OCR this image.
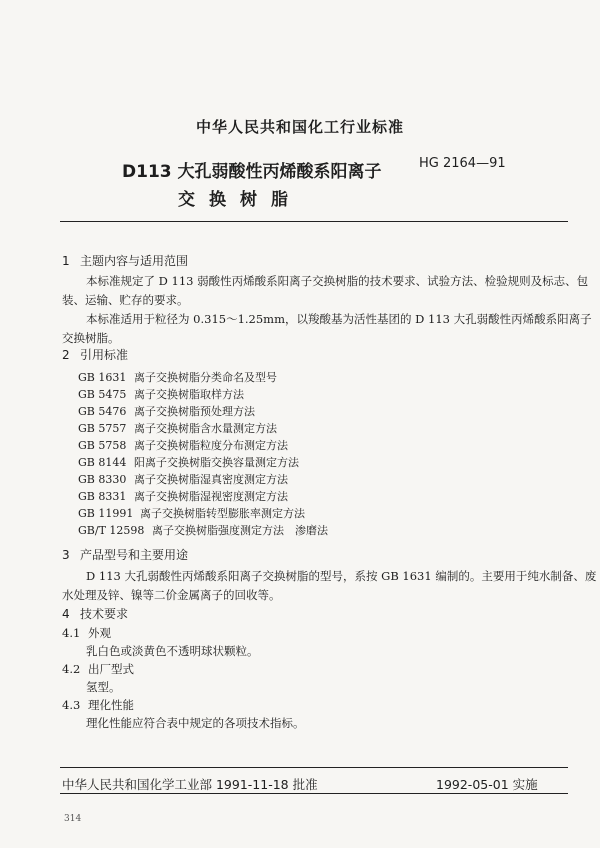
中华人民共和国化工行业标准
D113 大孔弱酸性丙烯酸系阳离子
交换树脂
HG 2164—91
1 主题内容与适用范围
本标准规定了 D 113 弱酸性丙烯酸系阳离子交换树脂的技术要求、试验方法、检验规则及标志、包
装、运输、贮存的要求。
本标准适用于粒径为 0.315～1.25mm，以羧酸基为活性基团的 D 113 大孔弱酸性丙烯酸系阳离子
交换树脂。
2 引用标准
GB 1631 离子交换树脂分类命名及型号
GB 5475 离子交换树脂取样方法
GB 5476 离子交换树脂预处理方法
GB 5757 离子交换树脂含水量测定方法
GB 5758 离子交换树脂粒度分布测定方法
GB 8144 阳离子交换树脂交换容量测定方法
GB 8330 离子交换树脂湿真密度测定方法
GB 8331 离子交换树脂湿视密度测定方法
GB 11991 离子交换树脂转型膨胀率测定方法
GB/T 12598 离子交换树脂强度测定方法　渗磨法
3 产品型号和主要用途
D 113 大孔弱酸性丙烯酸系阳离子交换树脂的型号，系按 GB 1631 编制的。主要用于纯水制备、废
水处理及锌、镍等二价金属离子的回收等。
4 技术要求
4.1 外观
乳白色或淡黄色不透明球状颗粒。
4.2 出厂型式
氢型。
4.3 理化性能
理化性能应符合表中规定的各项技术指标。
中华人民共和国化学工业部 1991-11-18 批准	1992-05-01 实施
314
